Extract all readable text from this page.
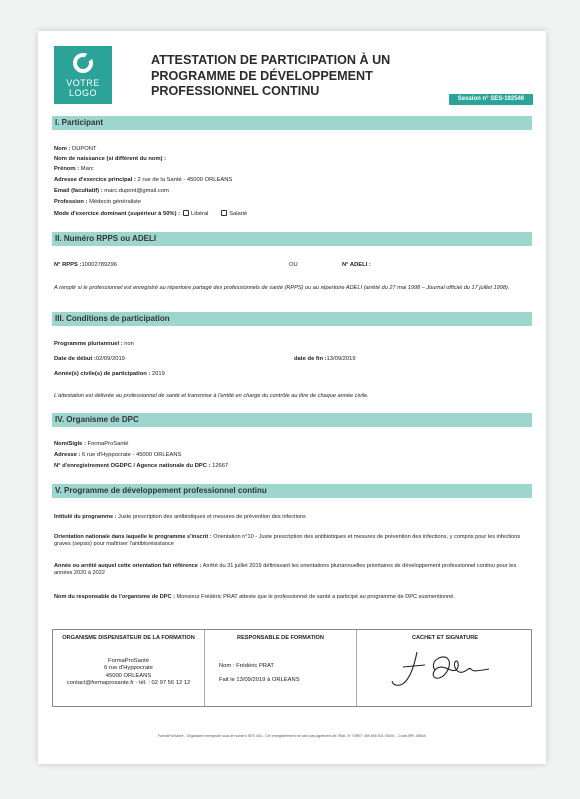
VOTRE
LOGO
ATTESTATION DE PARTICIPATION À UN
PROGRAMME DE DÉVELOPPEMENT
PROFESSIONNEL CONTINU
Session n° SES-192546
I. Participant
Nom : DUPONT
Nom de naissance (si différent du nom) :
Prénom : Marc
Adresse d'exercice principal : 2 rue de la Santé - 45000 ORLEANS
Email (facultatif) : marc.dupont@gmail.com
Profession : Médecin généraliste
Mode d'exercice dominant (supérieur à 50%) : Libéral	Salarié
II. Numéro RPPS ou ADELI
N° RPPS :10002789296	OU	N° ADELI :
A remplir si le professionnel est enregistré au répertoire partagé des professionnels de santé (RPPS) ou au répertoire ADELI (arrêté du 27 mai 1998 – Journal officiel du 17 juillet 1998).
III. Conditions de participation
Programme pluriannuel : non
Date de début :02/09/2019	date de fin :13/09/2019
Année(s) civile(s) de participation : 2019
L'attestation est délivrée au professionnel de santé et transmise à l'entité en charge du contrôle au titre de chaque année civile.
IV. Organisme de DPC
Nom/Sigle : FormaProSanté
Adresse : 6 rue d'Hyppocrate - 45000 ORLEANS
N° d'enregistrement OGDPC / Agence nationale du DPC : 12667
V. Programme de développement professionnel continu
Intitulé du programme : Juste prescription des antibiotiques et mesures de prévention des infections
Orientation nationale dans laquelle le programme s'inscrit : Orientation n°10 - Juste prescription des antibiotiques et mesures de prévention des infections, y compris pour les infections graves (sepsis) pour maîtriser l'antibiorésistance
Année ou arrêté auquel cette orientation fait référence : Arrêté du 31 juillet 2019 définissant les orientations pluriannuelles prioritaires de développement professionnel continu pour les années 2020 à 2022
Nom du responsable de l'organisme de DPC : Monsieur Frédéric PRAT atteste que le professionnel de santé a participé au programme de DPC susmentionné.
ORGANISME DISPENSATEUR DE LA FORMATION
FormaProSanté
6 rue d'Hyppocrate
45000 ORLEANS
contact@formaprosante.fr - tél. : 02 97 56 12 12
RESPONSABLE DE FORMATION
Nom : Frédéric PRAT
Fait le 13/09/2019 à ORLEANS
CACHET ET SIGNATURE
FormaProSanté - Organisme enregistré sous le numéro SES 444 - Cet enregistrement ne vaut pas agrément de l'État. N° SIRET 459 895 541 00001 - Code APE 4569A
